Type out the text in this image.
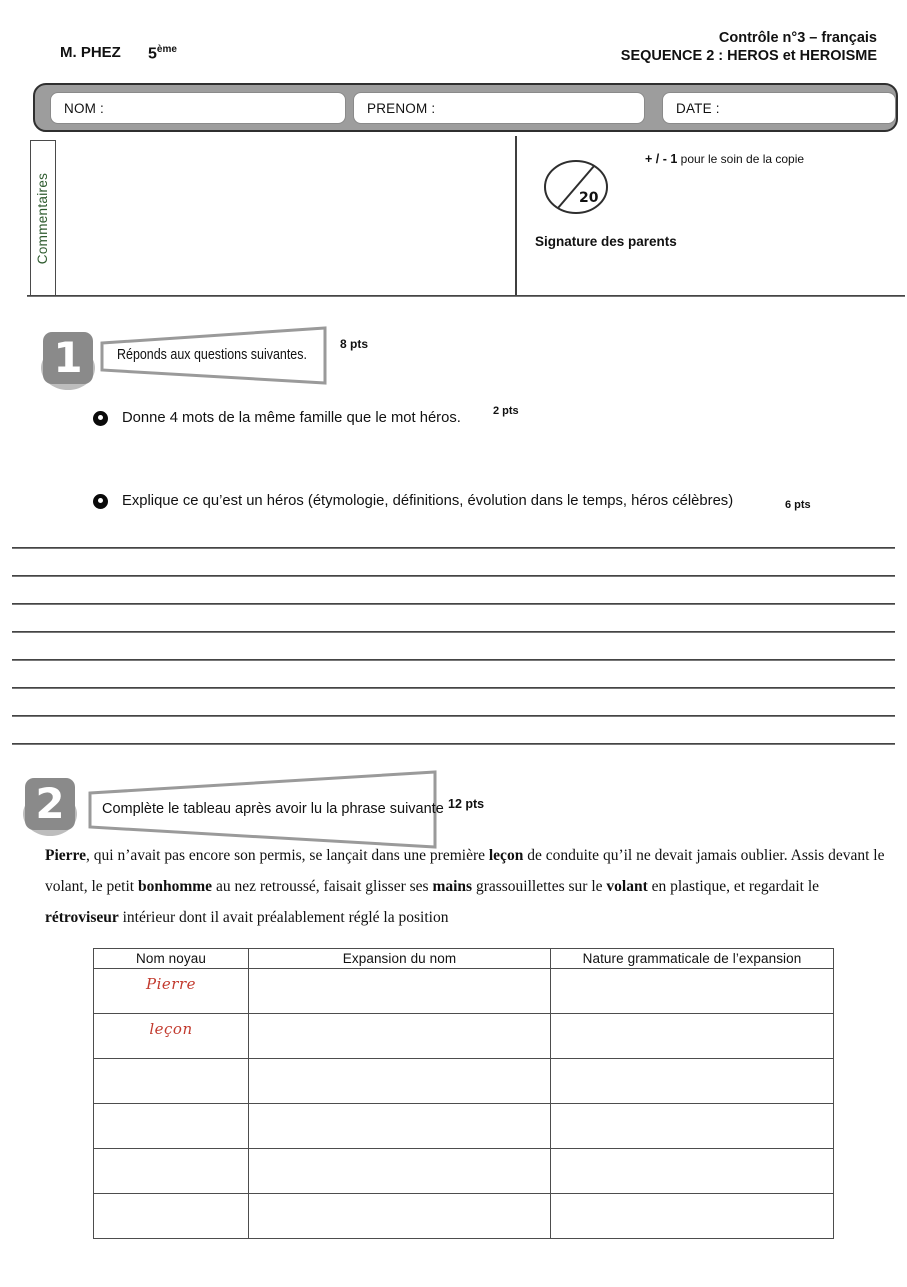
M. PHEZ 5ème
Contrôle n°3 – français
SEQUENCE 2 : HEROS et HEROISME
NOM :	PRENOM :	DATE :
Commentaires	20
+ / - 1 pour le soin de la copie
Signature des parents
1 Réponds aux questions suivantes.
8 pts
Donne 4 mots de la même famille que le mot héros.	2 pts
Explique ce qu’est un héros (étymologie, définitions, évolution dans le temps, héros célèbres)	6 pts
2	Complète le tableau après avoir lu la phrase suivante 12 pts

Pierre, qui n’avait pas encore son permis, se lançait dans une première leçon de conduite qu’il ne devait jamais oublier. Assis devant le volant, le petit bonhomme au nez retroussé, faisait glisser ses mains grassouillettes sur le volant en plastique, et regardait le rétroviseur intérieur dont il avait préalablement réglé la position

Nom noyau	Expansion du nom	Nature grammaticale de l’expansion
Pierre		
leçon		
